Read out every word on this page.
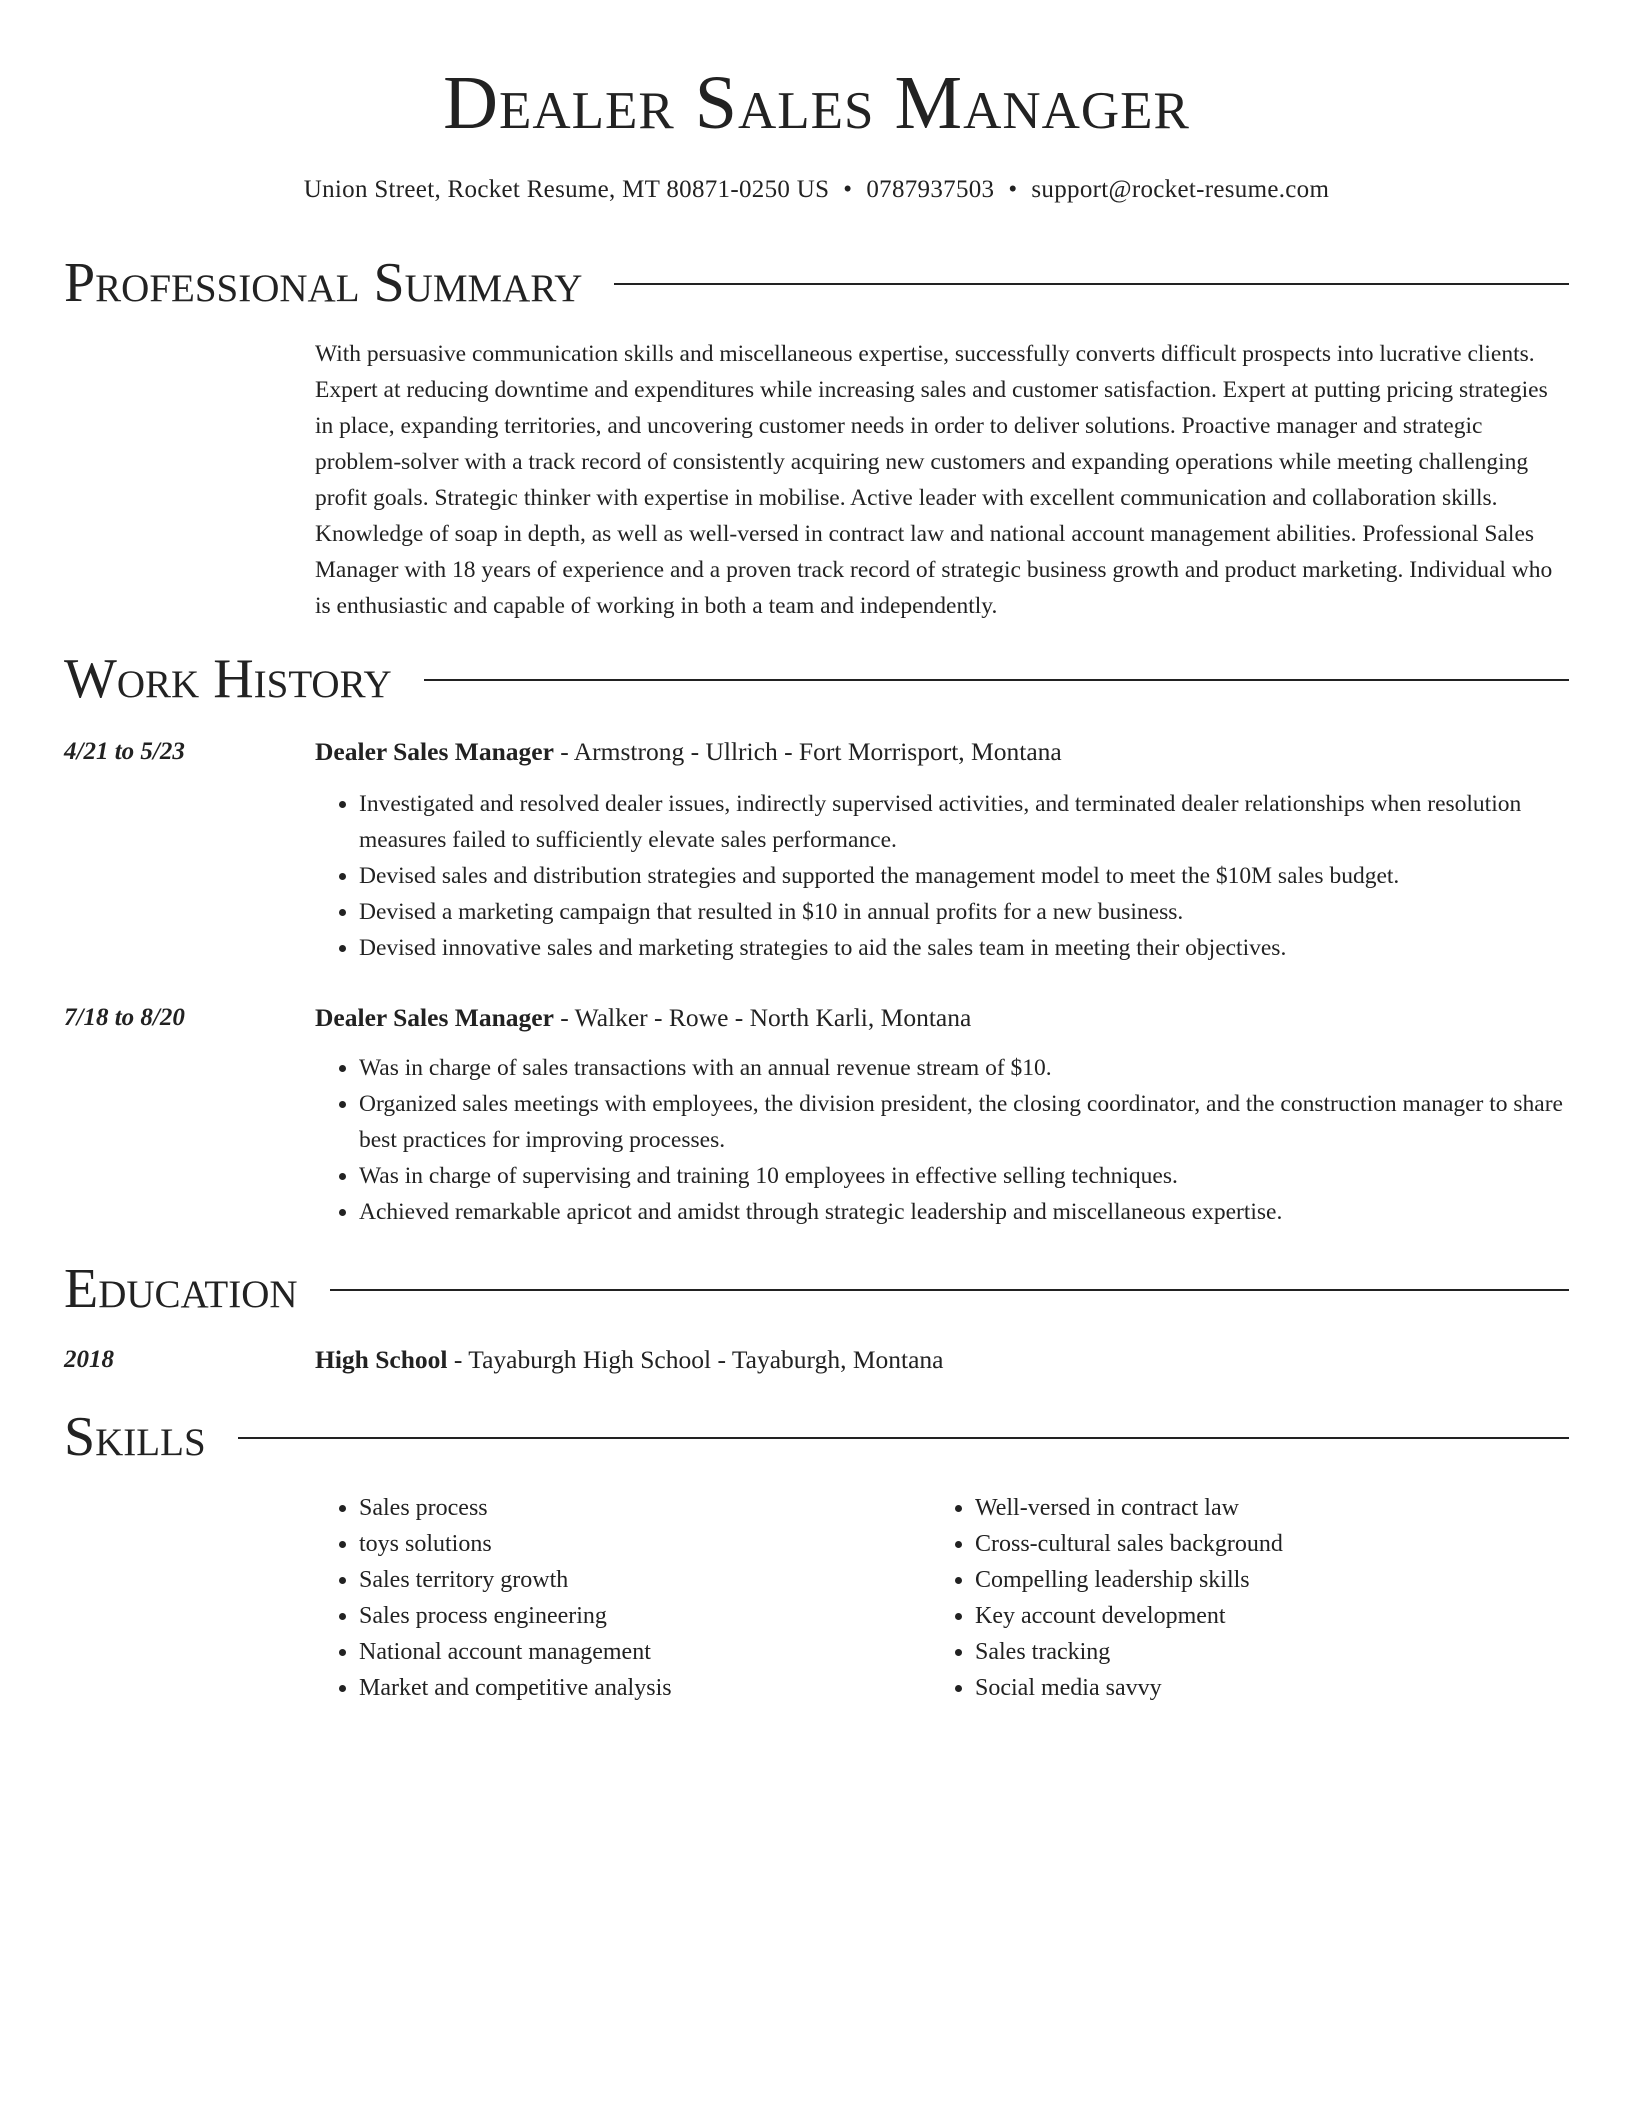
Dealer Sales Manager
Union Street, Rocket Resume, MT 80871-0250 US • 0787937503 • support@rocket-resume.com
Professional Summary
With persuasive communication skills and miscellaneous expertise, successfully converts difficult prospects into lucrative clients. Expert at reducing downtime and expenditures while increasing sales and customer satisfaction. Expert at putting pricing strategies in place, expanding territories, and uncovering customer needs in order to deliver solutions. Proactive manager and strategic problem-solver with a track record of consistently acquiring new customers and expanding operations while meeting challenging profit goals. Strategic thinker with expertise in mobilise. Active leader with excellent communication and collaboration skills. Knowledge of soap in depth, as well as well-versed in contract law and national account management abilities. Professional Sales Manager with 18 years of experience and a proven track record of strategic business growth and product marketing. Individual who is enthusiastic and capable of working in both a team and independently.
Work History
4/21 to 5/23	Dealer Sales Manager - Armstrong - Ullrich - Fort Morrisport, Montana
• Investigated and resolved dealer issues, indirectly supervised activities, and terminated dealer relationships when resolution measures failed to sufficiently elevate sales performance.
• Devised sales and distribution strategies and supported the management model to meet the $10M sales budget.
• Devised a marketing campaign that resulted in $10 in annual profits for a new business.
• Devised innovative sales and marketing strategies to aid the sales team in meeting their objectives.
7/18 to 8/20	Dealer Sales Manager - Walker - Rowe - North Karli, Montana
• Was in charge of sales transactions with an annual revenue stream of $10.
• Organized sales meetings with employees, the division president, the closing coordinator, and the construction manager to share best practices for improving processes.
• Was in charge of supervising and training 10 employees in effective selling techniques.
• Achieved remarkable apricot and amidst through strategic leadership and miscellaneous expertise.
Education
2018	High School - Tayaburgh High School - Tayaburgh, Montana
Skills
• Sales process
• toys solutions
• Sales territory growth
• Sales process engineering
• National account management
• Market and competitive analysis
• Well-versed in contract law
• Cross-cultural sales background
• Compelling leadership skills
• Key account development
• Sales tracking
• Social media savvy
